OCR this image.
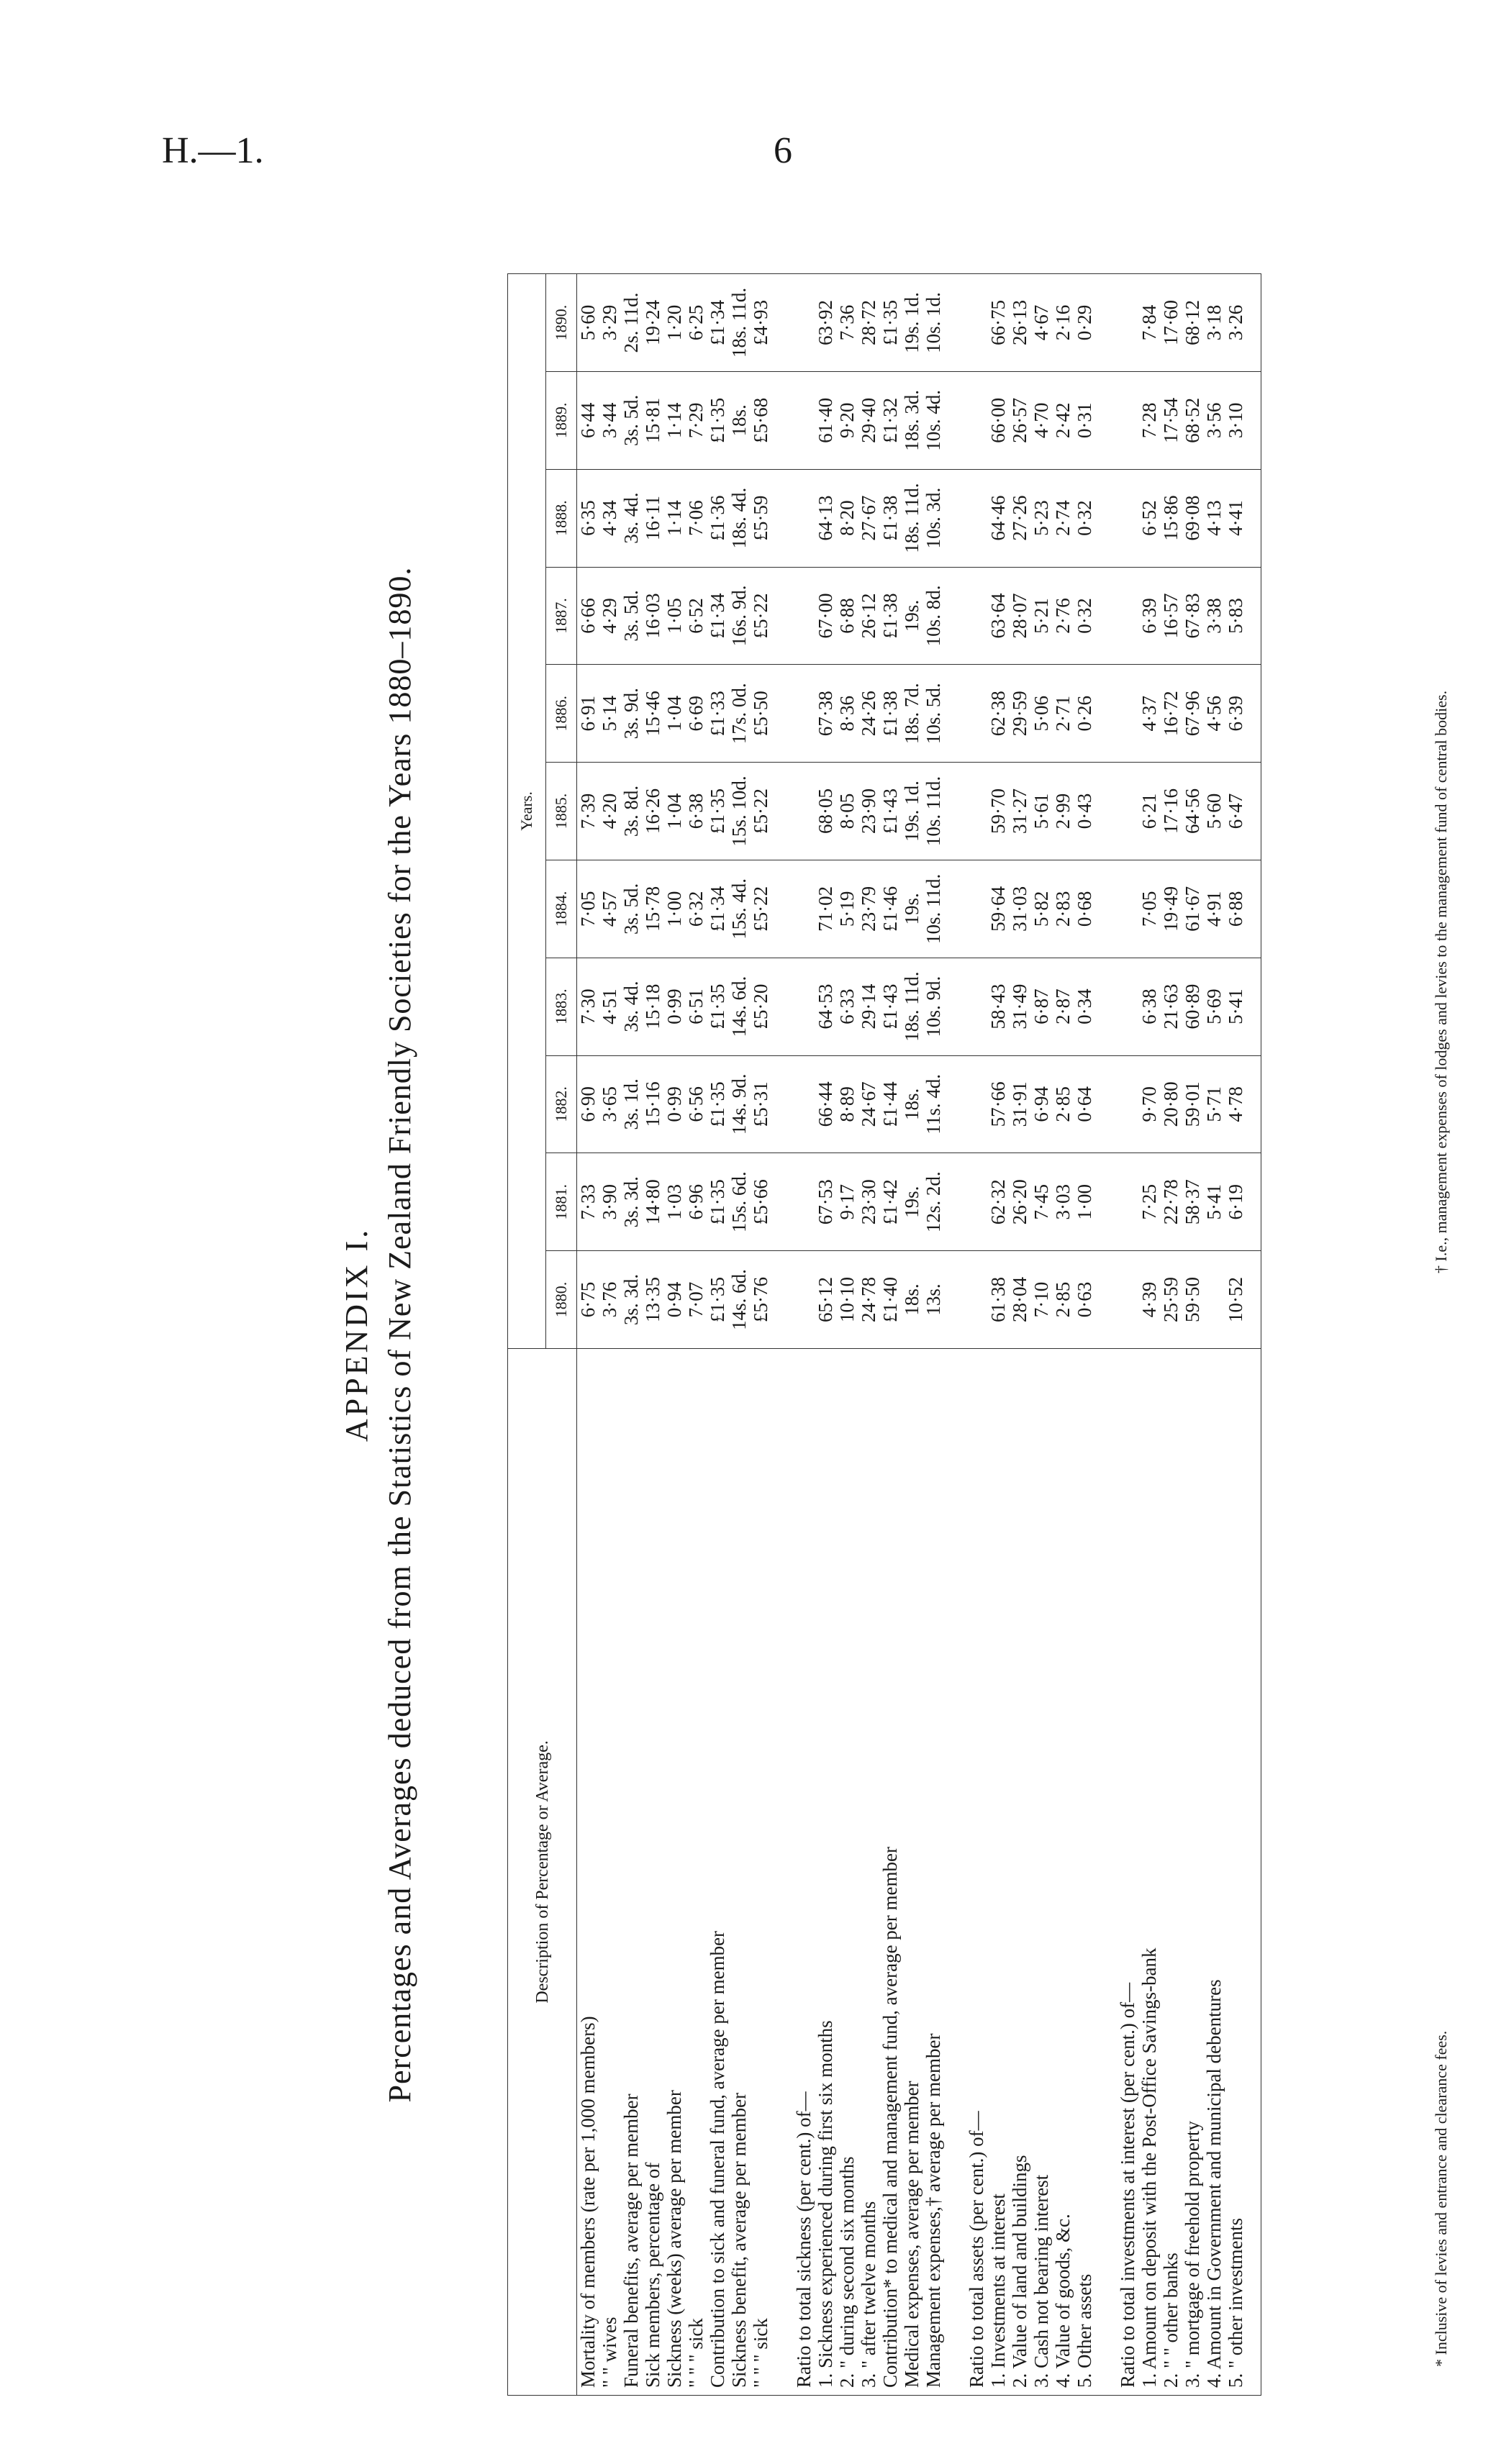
H.—1.	6
APPENDIX I. Percentages and Averages deduced from the Statistics of New Zealand Friendly Societies for the Years 1880–1890.	Description of Percentage or Average.	Years.										
	1880.	1881.	1882.	1883.	1884.	1885.	1886.	1887.	1888.	1889.	1890.
Mortality of members (rate per 1,000 members)	6·75	7·33	6·90	7·30	7·05	7·39	6·91	6·66	6·35	6·44	5·60
" " wives	3·76	3·90	3·65	4·51	4·57	4·20	5·14	4·29	4·34	3·44	3·29
Funeral benefits, average per member	3s. 3d.	3s. 3d.	3s. 1d.	3s. 4d.	3s. 5d.	3s. 8d.	3s. 9d.	3s. 5d.	3s. 4d.	3s. 5d.	2s. 11d.
Sick members, percentage of	13·35	14·80	15·16	15·18	15·78	16·26	15·46	16·03	16·11	15·81	19·24
Sickness (weeks) average per member	0·94	1·03	0·99	0·99	1·00	1·04	1·04	1·05	1·14	1·14	1·20
" " " sick	7·07	6·96	6·56	6·51	6·32	6·38	6·69	6·52	7·06	7·29	6·25
Contribution to sick and funeral fund, average per member	£1·35	£1·35	£1·35	£1·35	£1·34	£1·35	£1·33	£1·34	£1·36	£1·35	£1·34
Sickness benefit, average per member	14s. 6d.	15s. 6d.	14s. 9d.	14s. 6d.	15s. 4d.	15s. 10d.	17s. 0d.	16s. 9d.	18s. 4d.	18s.	18s. 11d.
" " " sick	£5·76	£5·66	£5·31	£5·20	£5·22	£5·22	£5·50	£5·22	£5·59	£5·68	£4·93

Ratio to total sickness (per cent.) of—											
1. Sickness experienced during first six months	65·12	67·53	66·44	64·53	71·02	68·05	67·38	67·00	64·13	61·40	63·92
2. " during second six months	10·10	9·17	8·89	6·33	5·19	8·05	8·36	6·88	8·20	9·20	7·36
3. " after twelve months	24·78	23·30	24·67	29·14	23·79	23·90	24·26	26·12	27·67	29·40	28·72
Contribution* to medical and management fund, average per member	£1·40	£1·42	£1·44	£1·43	£1·46	£1·43	£1·38	£1·38	£1·38	£1·32	£1·35
Medical expenses, average per member	18s.	19s.	18s.	18s. 11d.	19s.	19s. 1d.	18s. 7d.	19s.	18s. 11d.	18s. 3d.	19s. 1d.
Management expenses,† average per member	13s.	12s. 2d.	11s. 4d.	10s. 9d.	10s. 11d.	10s. 11d.	10s. 5d.	10s. 8d.	10s. 3d.	10s. 4d.	10s. 1d.

Ratio to total assets (per cent.) of—											
1. Investments at interest	61·38	62·32	57·66	58·43	59·64	59·70	62·38	63·64	64·46	66·00	66·75
2. Value of land and buildings	28·04	26·20	31·91	31·49	31·03	31·27	29·59	28·07	27·26	26·57	26·13
3. Cash not bearing interest	7·10	7·45	6·94	6·87	5·82	5·61	5·06	5·21	5·23	4·70	4·67
4. Value of goods, &c.	2·85	3·03	2·85	2·87	2·83	2·99	2·71	2·76	2·74	2·42	2·16
5. Other assets	0·63	1·00	0·64	0·34	0·68	0·43	0·26	0·32	0·32	0·31	0·29

Ratio to total investments at interest (per cent.) of—											
1. Amount on deposit with the Post-Office Savings-bank	4·39	7·25	9·70	6·38	7·05	6·21	4·37	6·39	6·52	7·28	7·84
2. " " other banks	25·59	22·78	20·80	21·63	19·49	17·16	16·72	16·57	15·86	17·54	17·60
3. " mortgage of freehold property	59·50	58·37	59·01	60·89	61·67	64·56	67·96	67·83	69·08	68·52	68·12
4. Amount in Government and municipal debentures		5·41	5·71	5·69	4·91	5·60	4·56	3·38	4·13	3·56	3·18
5. " other investments	10·52	6·19	4·78	5·41	6·88	6·47	6·39	5·83	4·41	3·10	3·26

* Inclusive of levies and entrance and clearance fees.
† I.e., management expenses of lodges and levies to the management fund of central bodies.
